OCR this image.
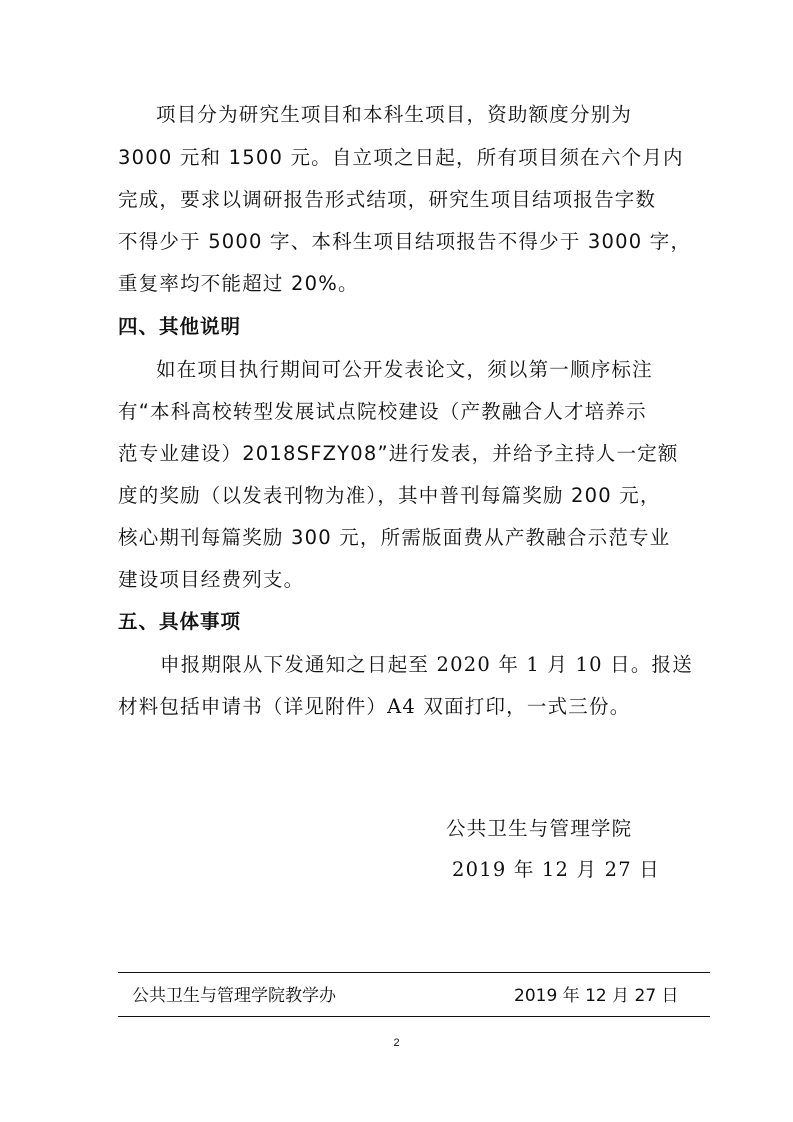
项目分为研究生项目和本科生项目，资助额度分别为
3000 元和 1500 元。自立项之日起，所有项目须在六个月内
完成，要求以调研报告形式结项，研究生项目结项报告字数
不得少于 5000 字、本科生项目结项报告不得少于 3000 字，
重复率均不能超过 20%。
四、其他说明
如在项目执行期间可公开发表论文，须以第一顺序标注
有“本科高校转型发展试点院校建设（产教融合人才培养示
范专业建设）2018SFZY08”进行发表，并给予主持人一定额
度的奖励（以发表刊物为准），其中普刊每篇奖励 200 元，
核心期刊每篇奖励 300 元，所需版面费从产教融合示范专业
建设项目经费列支。
五、具体事项
申报期限从下发通知之日起至 2020 年 1 月 10 日。报送
材料包括申请书（详见附件）A4 双面打印，一式三份。
公共卫生与管理学院
2019 年 12 月 27 日
公共卫生与管理学院教学办	2019 年 12 月 27 日
2
